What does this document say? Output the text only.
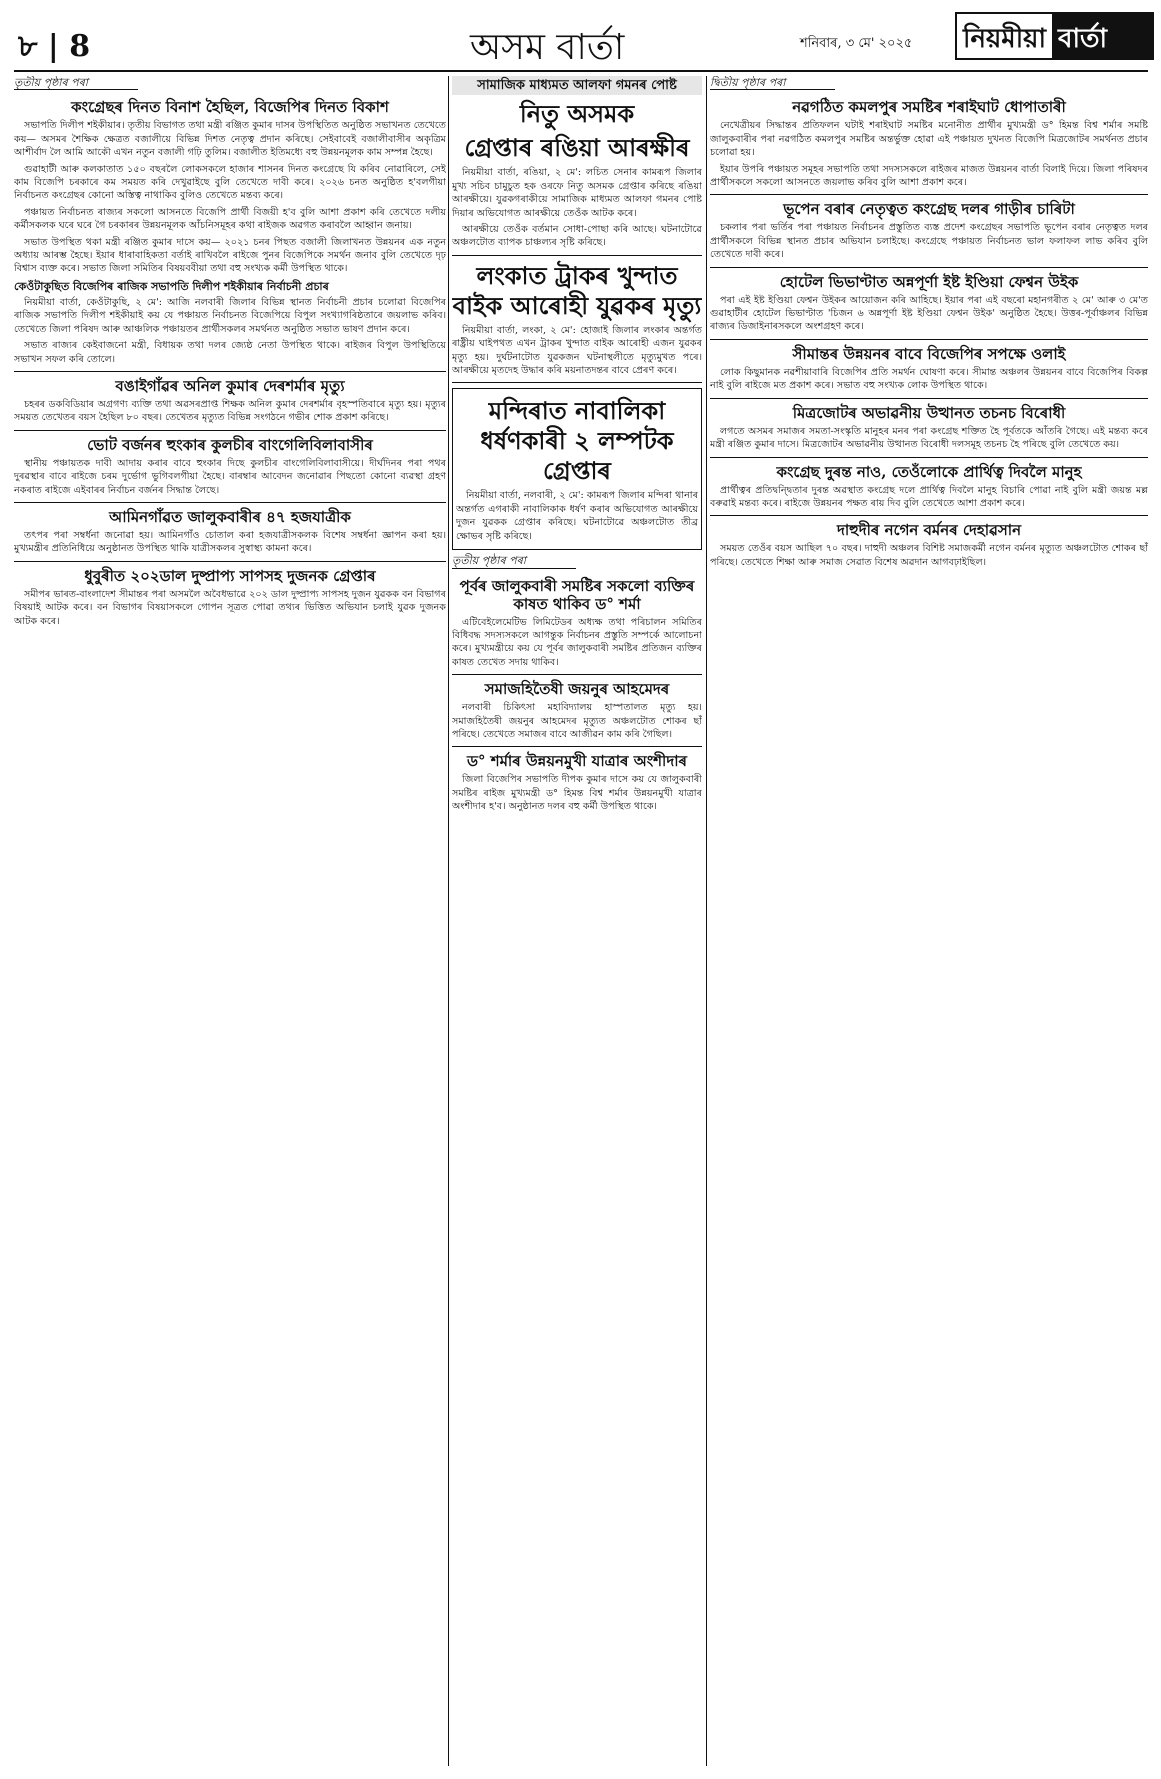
৮ | 8	অসম বাৰ্তা	শনিবাৰ, ৩ মে' ২০২৫ নিয়মীয়া বাৰ্তা
তৃতীয় পৃষ্ঠাৰ পৰা
কংগ্ৰেছৰ দিনত বিনাশ হৈছিল, বিজেপিৰ দিনত বিকাশ

সভাপতি দিলীপ শইকীয়াৰ। তৃতীয় বিভাগত তথা মন্ত্ৰী ৰঞ্জিত কুমাৰ দাসৰ উপস্থিতিত অনুষ্ঠিত সভাখনত তেখেতে কয়— অসমৰ শৈক্ষিক ক্ষেত্ৰত বজালীয়ে বিভিন্ন দিশত নেতৃত্ব প্ৰদান কৰিছে। সেইবাবেই বজালীবাসীৰ অকৃত্ৰিম আশীৰ্বাদ লৈ আমি আকৌ এখন নতুন বজালী গঢ়ি তুলিম। বজালীত ইতিমধ্যে বহু উন্নয়নমূলক কাম সম্পন্ন হৈছে।

গুৱাহাটী আৰু কলকাতাত ১৫০ বছৰলৈ লোকসকলে হাজাৰ শাসনৰ দিনত কংগ্ৰেছে যি কৰিব নোৱাৰিলে, সেই কাম বিজেপি চৰকাৰে কম সময়ত কৰি দেখুৱাইছে বুলি তেখেতে দাবী কৰে। ২০২৬ চনত অনুষ্ঠিত হ'বলগীয়া নিৰ্বাচনত কংগ্ৰেছৰ কোনো অস্তিত্ব নাথাকিব বুলিও তেখেতে মন্তব্য কৰে।

পঞ্চায়ত নিৰ্বাচনত ৰাজ্যৰ সকলো আসনতে বিজেপি প্ৰাৰ্থী বিজয়ী হ'ব বুলি আশা প্ৰকাশ কৰি তেখেতে দলীয় কৰ্মীসকলক ঘৰে ঘৰে গৈ চৰকাৰৰ উন্নয়নমূলক আঁচনিসমূহৰ কথা ৰাইজক অৱগত কৰাবলৈ আহ্বান জনায়।

সভাত উপস্থিত থকা মন্ত্ৰী ৰঞ্জিত কুমাৰ দাসে কয়— ২০২১ চনৰ পিছত বজালী জিলাখনত উন্নয়নৰ এক নতুন অধ্যায় আৰম্ভ হৈছে। ইয়াৰ ধাৰাবাহিকতা বৰ্তাই ৰাখিবলৈ ৰাইজে পুনৰ বিজেপিকে সমৰ্থন জনাব বুলি তেখেতে দৃঢ় বিশ্বাস ব্যক্ত কৰে। সভাত জিলা সমিতিৰ বিষয়ববীয়া তথা বহু সংখ্যক কৰ্মী উপস্থিত থাকে।

কেওঁটাকুছিত বিজেপিৰ ৰাজিক সভাপতি দিলীপ শইকীয়াৰ নিৰ্বাচনী প্ৰচাৰ

নিয়মীয়া বাৰ্তা, কেওঁটাকুছি, ২ মে': আজি নলবাৰী জিলাৰ বিভিন্ন স্থানত নিৰ্বাচনী প্ৰচাৰ চলোৱা বিজেপিৰ ৰাজিক সভাপতি দিলীপ শইকীয়াই কয় যে পঞ্চায়ত নিৰ্বাচনত বিজেপিয়ে বিপুল সংখ্যাগৰিষ্ঠতাৰে জয়লাভ কৰিব। তেখেতে জিলা পৰিষদ আৰু আঞ্চলিক পঞ্চায়তৰ প্ৰাৰ্থীসকলৰ সমৰ্থনত অনুষ্ঠিত সভাত ভাষণ প্ৰদান কৰে।

সভাত ৰাজ্যৰ কেইবাজনো মন্ত্ৰী, বিধায়ক তথা দলৰ জ্যেষ্ঠ নেতা উপস্থিত থাকে। ৰাইজৰ বিপুল উপস্থিতিয়ে সভাখন সফল কৰি তোলে।

বঙাইগাঁৱৰ অনিল কুমাৰ দেৰশৰ্মাৰ মৃত্যু

চহৰৰ ডকবিডিয়াৰ অগ্ৰগণ্য ব্যক্তি তথা অৱসৰপ্ৰাপ্ত শিক্ষক অনিল কুমাৰ দেৰশৰ্মাৰ বৃহস্পতিবাৰে মৃত্যু হয়। মৃত্যুৰ সময়ত তেখেতৰ বয়স হৈছিল ৮০ বছৰ। তেখেতৰ মৃত্যুত বিভিন্ন সংগঠনে গভীৰ শোক প্ৰকাশ কৰিছে।

ভোট বৰ্জনৰ হুংকাৰ কুলচীৰ বাংগেলিবিলাবাসীৰ

স্থানীয় পঞ্চায়তক দাবী আদায় কৰাৰ বাবে হুংকাৰ দিছে কুলচীৰ বাংগেলিবিলাবাসীয়ে। দীৰ্ঘদিনৰ পৰা পথৰ দুৰৱস্থাৰ বাবে ৰাইজে চৰম দুৰ্ভোগ ভুগিবলগীয়া হৈছে। বাৰম্বাৰ আবেদন জনোৱাৰ পিছতো কোনো ব্যৱস্থা গ্ৰহণ নকৰাত ৰাইজে এইবাৰৰ নিৰ্বাচন বৰ্জনৰ সিদ্ধান্ত লৈছে।

আমিনগাঁৱত জালুকবাৰীৰ ৪৭ হজযাত্ৰীক

তৎপৰ পৰা সম্বৰ্ধনা জনোৱা হয়। আমিনগাঁও চোতাল কৰা হজযাত্ৰীসকলক বিশেষ সম্বৰ্ধনা জ্ঞাপন কৰা হয়। মুখ্যমন্ত্ৰীৰ প্ৰতিনিধিয়ে অনুষ্ঠানত উপস্থিত থাকি যাত্ৰীসকলৰ সুস্বাস্থ্য কামনা কৰে।

ধুবুৰীত ২০২ডাল দুষ্প্ৰাপ্য সাপসহ দুজনক গ্ৰেপ্তাৰ

সমীপৰ ভাৰত-বাংলাদেশ সীমান্তৰ পৰা অসমলৈ অবৈধভাৱে ২০২ ডাল দুষ্প্ৰাপ্য সাপসহ দুজন যুৱকক বন বিভাগৰ বিষয়াই আটক কৰে। বন বিভাগৰ বিষয়াসকলে গোপন সূত্ৰত পোৱা তথ্যৰ ভিত্তিত অভিযান চলাই যুৱক দুজনক আটক কৰে।

সামাজিক মাধ্যমত আলফা গমনৰ পোষ্ট
নিতু অসমক
গ্ৰেপ্তাৰ ৰঙিয়া আৰক্ষীৰ

নিয়মীয়া বাৰ্তা, ৰঙিয়া, ২ মে': লচিত সেনাৰ কামৰূপ জিলাৰ মুখ্য সচিব চামুচুত হক ওৰফে নিতু অসমক গ্ৰেপ্তাৰ কৰিছে ৰঙিয়া আৰক্ষীয়ে। যুৱকগৰাকীয়ে সামাজিক মাধ্যমত আলফা গমনৰ পোষ্ট দিয়াৰ অভিযোগত আৰক্ষীয়ে তেওঁক আটক কৰে।

আৰক্ষীয়ে তেওঁক বৰ্তমান সোধা-পোছা কৰি আছে। ঘটনাটোৱে অঞ্চলটোত ব্যাপক চাঞ্চল্যৰ সৃষ্টি কৰিছে।

লংকাত ট্ৰাকৰ খুন্দাত বাইক আৰোহী যুৱকৰ মৃত্যু

নিয়মীয়া বাৰ্তা, লংকা, ২ মে': হোজাই জিলাৰ লংকাৰ অন্তৰ্গত ৰাষ্ট্ৰীয় ঘাইপথত এখন ট্ৰাকৰ খুন্দাত বাইক আৰোহী এজন যুৱকৰ মৃত্যু হয়। দুৰ্ঘটনাটোত যুৱকজন ঘটনাস্থলীতে মৃত্যুমুখত পৰে। আৰক্ষীয়ে মৃতদেহ উদ্ধাৰ কৰি ময়নাতদন্তৰ বাবে প্ৰেৰণ কৰে।

মন্দিৰাত নাবালিকা ধৰ্ষণকাৰী ২ লম্পটক গ্ৰেপ্তাৰ

নিয়মীয়া বাৰ্তা, নলবাৰী, ২ মে': কামৰূপ জিলাৰ মন্দিৰা থানাৰ অন্তৰ্গত এগৰাকী নাবালিকাক ধৰ্ষণ কৰাৰ অভিযোগত আৰক্ষীয়ে দুজন যুৱকক গ্ৰেপ্তাৰ কৰিছে। ঘটনাটোৱে অঞ্চলটোত তীব্ৰ ক্ষোভৰ সৃষ্টি কৰিছে।

তৃতীয় পৃষ্ঠাৰ পৰা
পূৰ্বৰ জালুকবাৰী সমষ্টিৰ সকলো ব্যক্তিৰ কাষত থাকিব ড° শৰ্মা

এটিবেইলেমেটিভ লিমিটেডৰ অধ্যক্ষ তথা পৰিচালন সমিতিৰ বিধিবদ্ধ সদস্যসকলে আগন্তুক নিৰ্বাচনৰ প্ৰস্তুতি সম্পৰ্কে আলোচনা কৰে। মুখ্যমন্ত্ৰীয়ে কয় যে পূৰ্বৰ জালুকবাৰী সমষ্টিৰ প্ৰতিজন ব্যক্তিৰ কাষত তেখেত সদায় থাকিব।

সমাজহিতৈষী জয়নুৰ আহমেদৰ

নলবাৰী চিকিৎসা মহাবিদ্যালয় হাস্পতালত মৃত্যু হয়। সমাজহিতৈষী জয়নুৰ আহমেদৰ মৃত্যুত অঞ্চলটোত শোকৰ ছাঁ পৰিছে। তেখেতে সমাজৰ বাবে আজীৱন কাম কৰি গৈছিল।

ড° শৰ্মাৰ উন্নয়নমুখী যাত্ৰাৰ অংশীদাৰ

জিলা বিজেপিৰ সভাপতি দীপক কুমাৰ দাসে কয় যে জালুকবাৰী সমষ্টিৰ ৰাইজ মুখ্যমন্ত্ৰী ড° হিমন্ত বিশ্ব শৰ্মাৰ উন্নয়নমুখী যাত্ৰাৰ অংশীদাৰ হ'ব। অনুষ্ঠানত দলৰ বহু কৰ্মী উপস্থিত থাকে।

দ্বিতীয় পৃষ্ঠাৰ পৰা
নৱগঠিত কমলপুৰ সমষ্টিৰ শৰাইঘাট ধোপাতাৰী

নেখেত্ৰীয়ৰ সিদ্ধান্তৰ প্ৰতিফলন ঘটাই শৰাইঘাট সমষ্টিৰ মনোনীত প্ৰাৰ্থীৰ মুখ্যমন্ত্ৰী ড° হিমন্ত বিশ্ব শৰ্মাৰ সমষ্টি জালুকবাৰীৰ পৰা নৱগঠিত কমলপুৰ সমষ্টিৰ অন্তৰ্ভুক্ত হোৱা এই পঞ্চায়ত দুখনত বিজেপি মিত্ৰজোটৰ সমৰ্থনত প্ৰচাৰ চলোৱা হয়।

ইয়াৰ উপৰি পঞ্চায়ত সমূহৰ সভাপতি তথা সদস্যসকলে ৰাইজৰ মাজত উন্নয়নৰ বাৰ্তা বিলাই দিয়ে। জিলা পৰিষদৰ প্ৰাৰ্থীসকলে সকলো আসনতে জয়লাভ কৰিব বুলি আশা প্ৰকাশ কৰে।

ভূপেন বৰাৰ নেতৃত্বত কংগ্ৰেছ দলৰ গাড়ীৰ চাৰিটা

চকলাৰ পৰা ভৰ্তিৰ পৰা পঞ্চায়ত নিৰ্বাচনৰ প্ৰস্তুতিত ব্যস্ত প্ৰদেশ কংগ্ৰেছৰ সভাপতি ভূপেন বৰাৰ নেতৃত্বত দলৰ প্ৰাৰ্থীসকলে বিভিন্ন স্থানত প্ৰচাৰ অভিযান চলাইছে। কংগ্ৰেছে পঞ্চায়ত নিৰ্বাচনত ভাল ফলাফল লাভ কৰিব বুলি তেখেতে দাবী কৰে।

হোটেল ভিভাণ্টাত অন্নপূৰ্ণা ইষ্ট ইণ্ডিয়া ফেশ্বন উইক

পৰা এই ইষ্ট ইণ্ডিয়া ফেশ্বন উইকৰ আয়োজন কৰি আহিছে। ইয়াৰ পৰা এই বছৰো মহানগৰীত ২ মে' আৰু ৩ মে'ত গুৱাহাটীৰ হোটেল ভিভাণ্টাত 'চিজন ৬ অন্নপূৰ্ণা ইষ্ট ইণ্ডিয়া ফেশ্বন উইক' অনুষ্ঠিত হৈছে। উত্তৰ-পূৰ্বাঞ্চলৰ বিভিন্ন ৰাজ্যৰ ডিজাইনাৰসকলে অংশগ্ৰহণ কৰে।

সীমান্তৰ উন্নয়নৰ বাবে বিজেপিৰ সপক্ষে ওলাই

লোক কিছুমানক নৱশীয়াবাৰি বিজেপিৰ প্ৰতি সমৰ্থন ঘোষণা কৰে। সীমান্ত অঞ্চলৰ উন্নয়নৰ বাবে বিজেপিৰ বিকল্প নাই বুলি ৰাইজে মত প্ৰকাশ কৰে। সভাত বহু সংখ্যক লোক উপস্থিত থাকে।

মিত্ৰজোটৰ অভাৱনীয় উত্থানত তচনচ বিৰোধী

লগতে অসমৰ সমাজৰ সমতা-সংস্কৃতি মানুহৰ মনৰ পৰা কংগ্ৰেছ শক্তিত হৈ পূৰ্বতকে আঁতৰি গৈছে। এই মন্তব্য কৰে মন্ত্ৰী ৰঞ্জিত কুমাৰ দাসে। মিত্ৰজোটৰ অভাৱনীয় উত্থানত বিৰোধী দলসমূহ তচনচ হৈ পৰিছে বুলি তেখেতে কয়।

কংগ্ৰেছ দুৰন্ত নাও, তেওঁলোকে প্ৰাৰ্থিত্ব দিবলৈ মানুহ

প্ৰাৰ্থীত্বৰ প্ৰতিদ্বন্দ্বিতাৰ দুৰন্ত অৱস্থাত কংগ্ৰেছ দলে প্ৰাৰ্থিত্ব দিবলৈ মানুহ বিচাৰি পোৱা নাই বুলি মন্ত্ৰী জয়ন্ত মল্ল বৰুৱাই মন্তব্য কৰে। ৰাইজে উন্নয়নৰ পক্ষত ৰায় দিব বুলি তেখেতে আশা প্ৰকাশ কৰে।

দাহুদীৰ নগেন বৰ্মনৰ দেহাৱসান

সময়ত তেওঁৰ বয়স আছিল ৭০ বছৰ। দাহুদী অঞ্চলৰ বিশিষ্ট সমাজকৰ্মী নগেন বৰ্মনৰ মৃত্যুত অঞ্চলটোত শোকৰ ছাঁ পৰিছে। তেখেতে শিক্ষা আৰু সমাজ সেৱাত বিশেষ অৱদান আগবঢ়াইছিল।
